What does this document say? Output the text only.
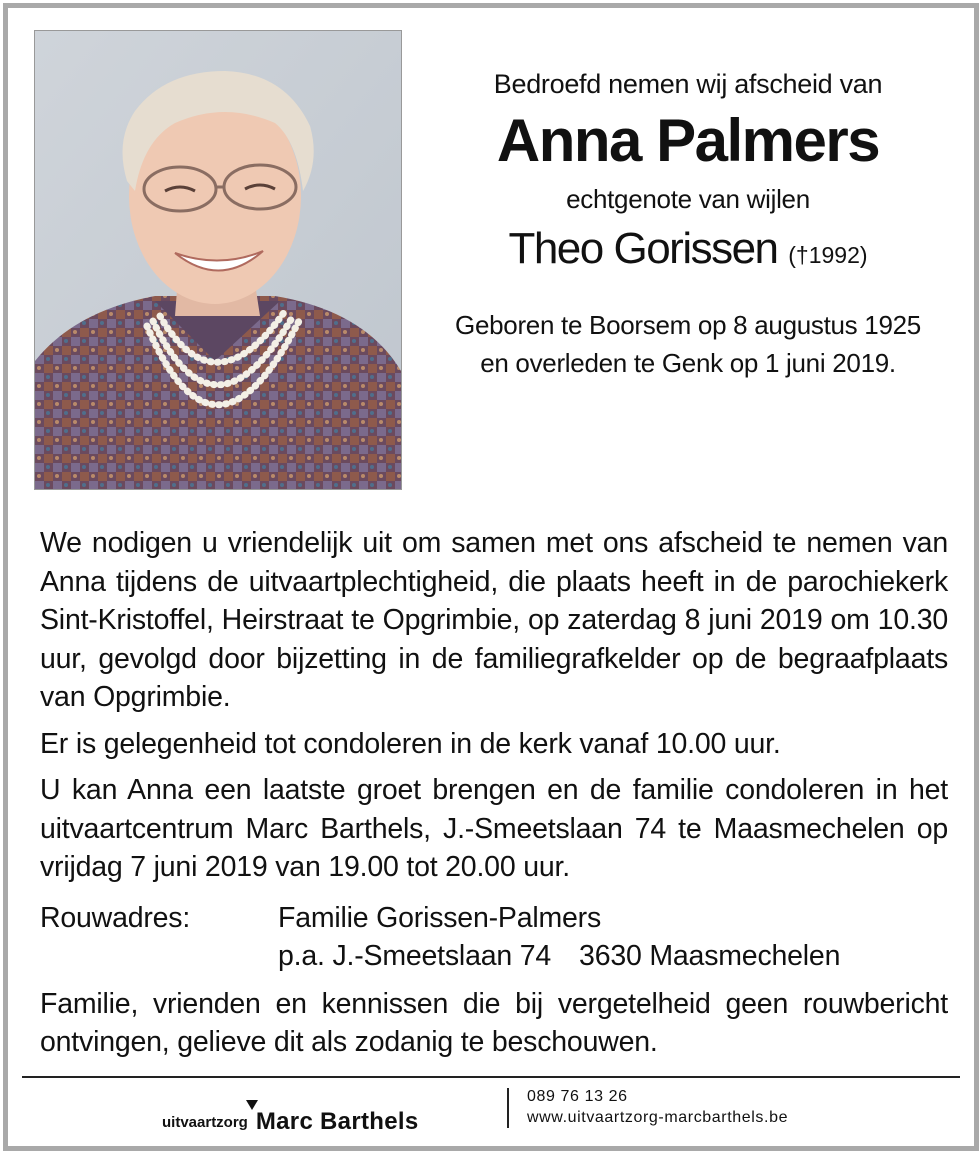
Bedroefd nemen wij afscheid van
Anna Palmers
echtgenote van wijlen
Theo Gorissen (†1992)
Geboren te Boorsem op 8 augustus 1925
en overleden te Genk op 1 juni 2019.

We nodigen u vriendelijk uit om samen met ons afscheid te nemen van Anna tijdens de uitvaartplechtigheid, die plaats heeft in de parochiekerk Sint-Kristoffel, Heirstraat te Opgrimbie, op zaterdag 8 juni 2019 om 10.30 uur, gevolgd door bijzetting in de familiegrafkelder op de begraafplaats van Opgrimbie.

Er is gelegenheid tot condoleren in de kerk vanaf 10.00 uur.

U kan Anna een laatste groet brengen en de familie condoleren in het uitvaartcentrum Marc Barthels, J.-Smeetslaan 74 te Maasmechelen op vrijdag 7 juni 2019 van 19.00 tot 20.00 uur.

Rouwadres:	Familie Gorissen-Palmers
p.a. J.-Smeetslaan 74 3630 Maasmechelen

Familie, vrienden en kennissen die bij vergetelheid geen rouwbericht ontvingen, gelieve dit als zodanig te beschouwen.

uitvaartzorg Marc Barthels
089 76 13 26
www.uitvaartzorg-marcbarthels.be
